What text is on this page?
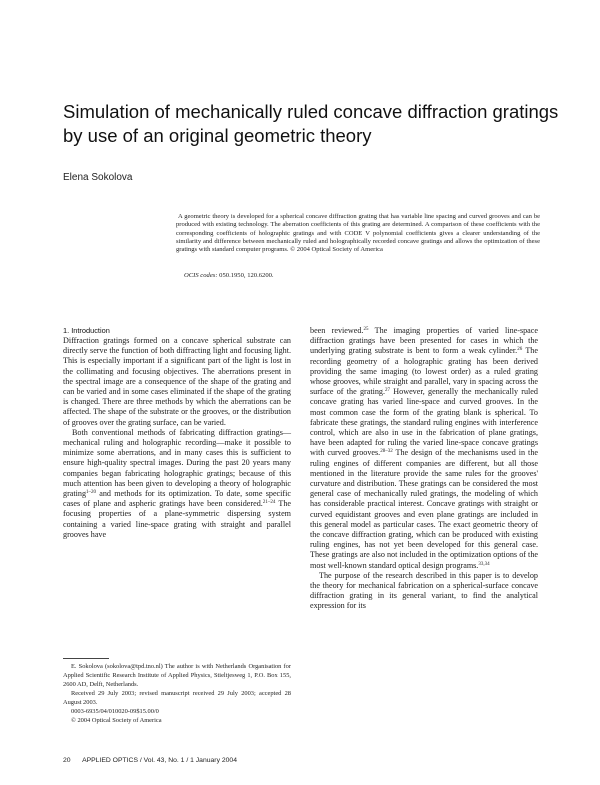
Simulation of mechanically ruled concave diffraction gratings by use of an original geometric theory
Elena Sokolova
A geometric theory is developed for a spherical concave diffraction grating that has variable line spacing and curved grooves and can be produced with existing technology. The aberration coefficients of this grating are determined. A comparison of these coefficients with the corresponding coefficients of holographic gratings and with CODE V polynomial coefficients gives a clearer understanding of the similarity and difference between mechanically ruled and holographically recorded concave gratings and allows the optimization of these gratings with standard computer programs. © 2004 Optical Society of America
OCIS codes: 050.1950, 120.6200.
1. Introduction

Diffraction gratings formed on a concave spherical substrate can directly serve the function of both diffracting light and focusing light. This is especially important if a significant part of the light is lost in the collimating and focusing objectives. The aberrations present in the spectral image are a consequence of the shape of the grating and can be varied and in some cases eliminated if the shape of the grating is changed. There are three methods by which the aberrations can be affected. The shape of the substrate or the grooves, or the distribution of grooves over the grating surface, can be varied.

Both conventional methods of fabricating diffraction gratings—mechanical ruling and holographic recording—make it possible to minimize some aberrations, and in many cases this is sufficient to ensure high-quality spectral images. During the past 20 years many companies began fabricating holographic gratings; because of this much attention has been given to developing a theory of holographic grating$^{1-20}$ and methods for its optimization. To date, some specific cases of plane and aspheric gratings have been considered.$^{21-24}$ The focusing properties of a plane-symmetric dispersing system containing a varied line-space grating with straight and parallel grooves have

been reviewed.$^{25}$ The imaging properties of varied line-space diffraction gratings have been presented for cases in which the underlying grating substrate is bent to form a weak cylinder.$^{26}$ The recording geometry of a holographic grating has been derived providing the same imaging (to lowest order) as a ruled grating whose grooves, while straight and parallel, vary in spacing across the surface of the grating.$^{27}$ However, generally the mechanically ruled concave grating has varied line-space and curved grooves. In the most common case the form of the grating blank is spherical. To fabricate these gratings, the standard ruling engines with interference control, which are also in use in the fabrication of plane gratings, have been adapted for ruling the varied line-space concave gratings with curved grooves.$^{28-32}$ The design of the mechanisms used in the ruling engines of different companies are different, but all those mentioned in the literature provide the same rules for the grooves' curvature and distribution. These gratings can be considered the most general case of mechanically ruled gratings, the modeling of which has considerable practical interest. Concave gratings with straight or curved equidistant grooves and even plane gratings are included in this general model as particular cases. The exact geometric theory of the concave diffraction grating, which can be produced with existing ruling engines, has not yet been developed for this general case. These gratings are also not included in the optimization options of the most well-known standard optical design programs.$^{33,34}$

The purpose of the research described in this paper is to develop the theory for mechanical fabrication on a spherical-surface concave diffraction grating in its general variant, to find the analytical expression for its

E. Sokolova (sokolova@tpd.tno.nl) The author is with Netherlands Organisation for Applied Scientific Research Institute of Applied Physics, Stieltjesweg 1, P.O. Box 155, 2600 AD, Delft, Netherlands.

Received 29 July 2003; revised manuscript received 29 July 2003; accepted 28 August 2003.

0003-6935/04/010020-09$15.00/0

© 2004 Optical Society of America

20 APPLIED OPTICS / Vol. 43, No. 1 / 1 January 2004
